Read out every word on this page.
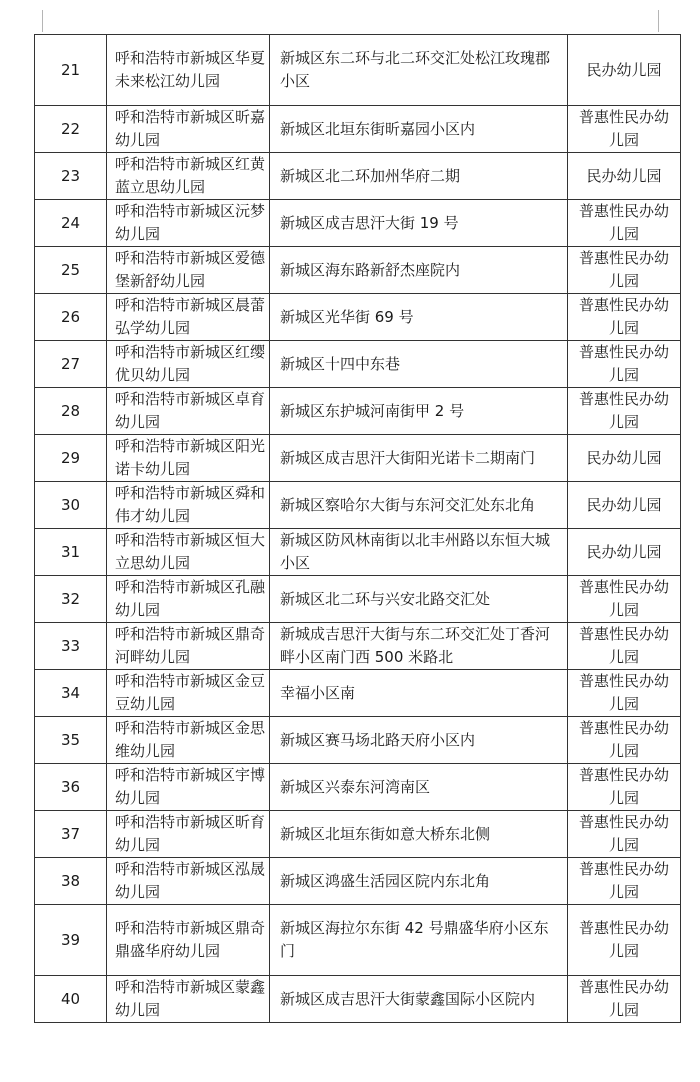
21	呼和浩特市新城区华夏未来松江幼儿园	新城区东二环与北二环交汇处松江玫瑰郡小区	民办幼儿园
22	呼和浩特市新城区昕嘉幼儿园	新城区北垣东街昕嘉园小区内	普惠性民办幼儿园
23	呼和浩特市新城区红黄蓝立思幼儿园	新城区北二环加州华府二期	民办幼儿园
24	呼和浩特市新城区沅梦幼儿园	新城区成吉思汗大街 19 号	普惠性民办幼儿园
25	呼和浩特市新城区爱德堡新舒幼儿园	新城区海东路新舒杰座院内	普惠性民办幼儿园
26	呼和浩特市新城区晨蕾弘学幼儿园	新城区光华街 69 号	普惠性民办幼儿园
27	呼和浩特市新城区红缨优贝幼儿园	新城区十四中东巷	普惠性民办幼儿园
28	呼和浩特市新城区卓育幼儿园	新城区东护城河南街甲 2 号	普惠性民办幼儿园
29	呼和浩特市新城区阳光诺卡幼儿园	新城区成吉思汗大街阳光诺卡二期南门	民办幼儿园
30	呼和浩特市新城区舜和伟才幼儿园	新城区察哈尔大街与东河交汇处东北角	民办幼儿园
31	呼和浩特市新城区恒大立思幼儿园	新城区防风林南街以北丰州路以东恒大城小区	民办幼儿园
32	呼和浩特市新城区孔融幼儿园	新城区北二环与兴安北路交汇处	普惠性民办幼儿园
33	呼和浩特市新城区鼎奇河畔幼儿园	新城成吉思汗大街与东二环交汇处丁香河畔小区南门西 500 米路北	普惠性民办幼儿园
34	呼和浩特市新城区金豆豆幼儿园	幸福小区南	普惠性民办幼儿园
35	呼和浩特市新城区金思维幼儿园	新城区赛马场北路天府小区内	普惠性民办幼儿园
36	呼和浩特市新城区宇博幼儿园	新城区兴泰东河湾南区	普惠性民办幼儿园
37	呼和浩特市新城区昕育幼儿园	新城区北垣东街如意大桥东北侧	普惠性民办幼儿园
38	呼和浩特市新城区泓晟幼儿园	新城区鸿盛生活园区院内东北角	普惠性民办幼儿园
39	呼和浩特市新城区鼎奇鼎盛华府幼儿园	新城区海拉尔东街 42 号鼎盛华府小区东门	普惠性民办幼儿园
40	呼和浩特市新城区蒙鑫幼儿园	新城区成吉思汗大街蒙鑫国际小区院内	普惠性民办幼儿园
